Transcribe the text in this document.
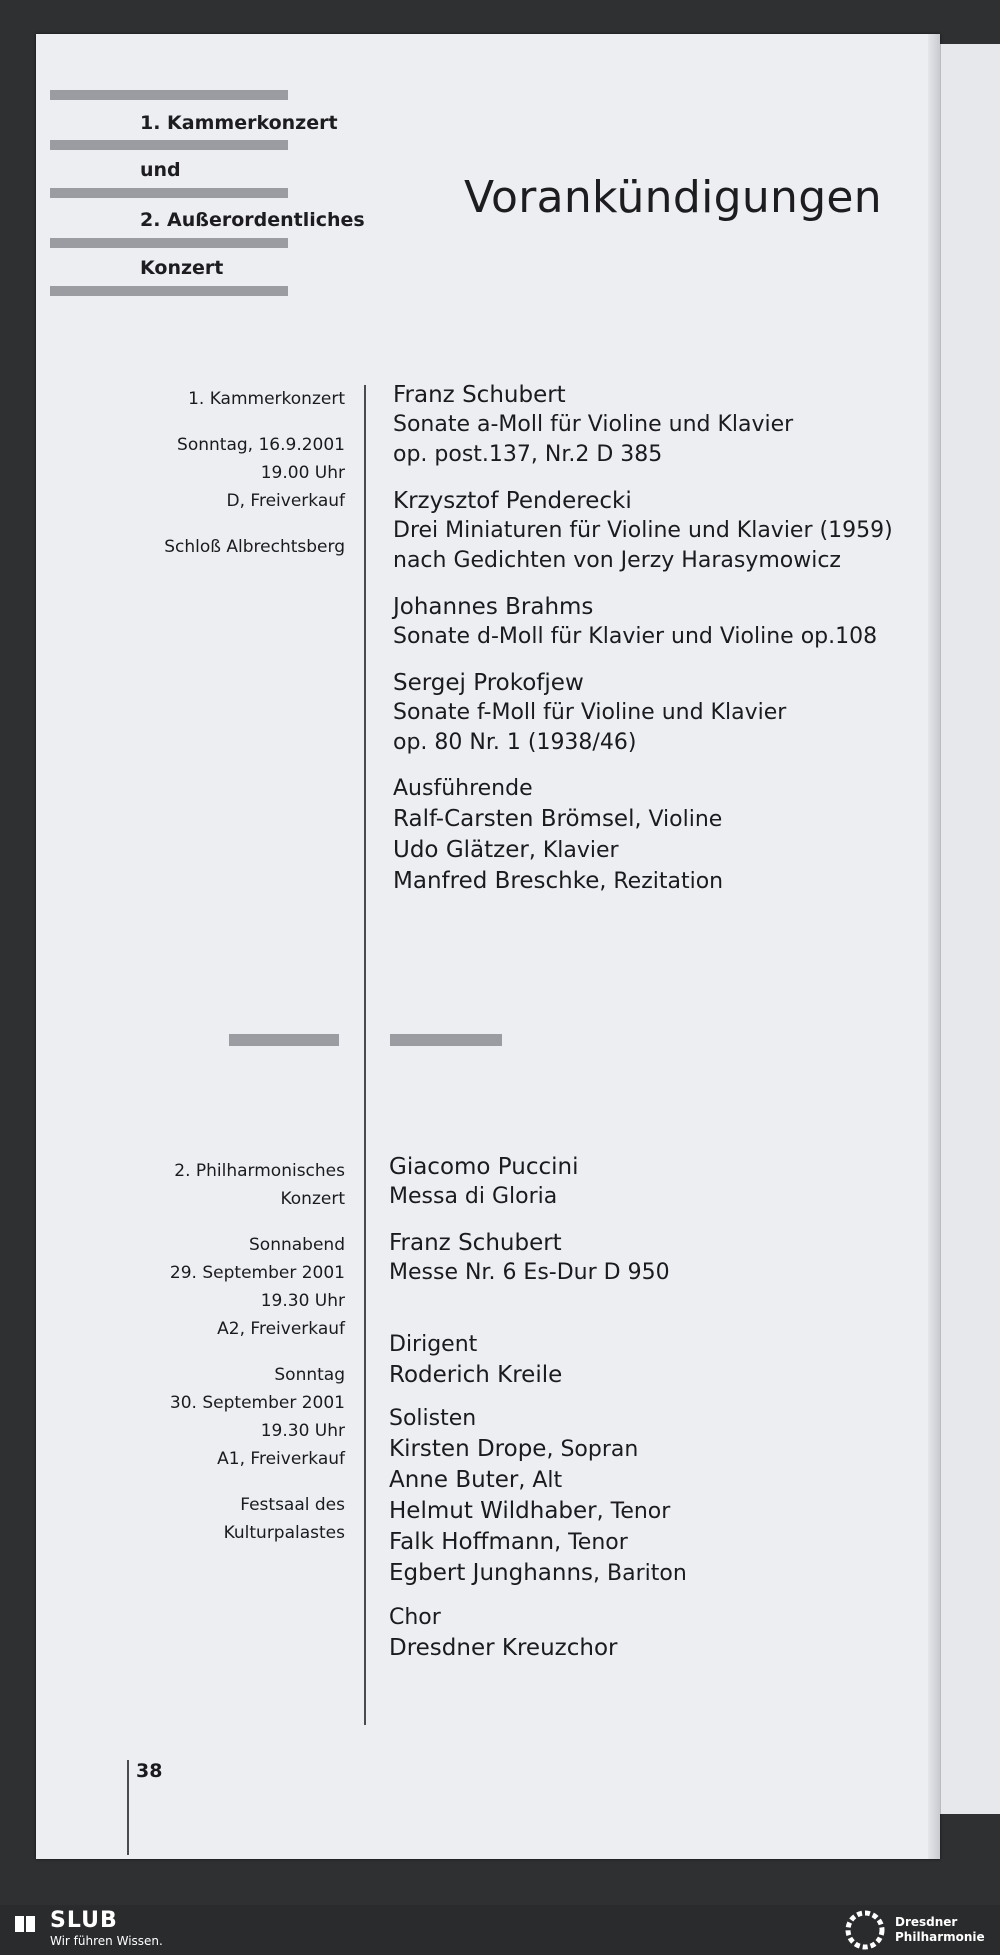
1. Kammerkonzert
und
2. Außerordentliches
Konzert
Vorankündigungen
1. Kammerkonzert
Sonntag, 16.9.2001
19.00 Uhr
D, Freiverkauf
Schloß Albrechtsberg
Franz Schubert
Sonate a-Moll für Violine und Klavier
op. post.137, Nr.2 D 385
Krzysztof Penderecki
Drei Miniaturen für Violine und Klavier (1959)
nach Gedichten von Jerzy Harasymowicz
Johannes Brahms
Sonate d-Moll für Klavier und Violine op.108
Sergej Prokofjew
Sonate f-Moll für Violine und Klavier
op. 80 Nr. 1 (1938/46)
Ausführende
Ralf-Carsten Brömsel, Violine
Udo Glätzer, Klavier
Manfred Breschke, Rezitation
2. Philharmonisches
Konzert
Sonnabend
29. September 2001
19.30 Uhr
A2, Freiverkauf
Sonntag
30. September 2001
19.30 Uhr
A1, Freiverkauf
Festsaal des
Kulturpalastes
Giacomo Puccini
Messa di Gloria
Franz Schubert
Messe Nr. 6 Es-Dur D 950
Dirigent
Roderich Kreile
Solisten
Kirsten Drope, Sopran
Anne Buter, Alt
Helmut Wildhaber, Tenor
Falk Hoffmann, Tenor
Egbert Junghanns, Bariton
Chor
Dresdner Kreuzchor
38
SLUB
Wir führen Wissen.
Dresdner
Philharmonie
